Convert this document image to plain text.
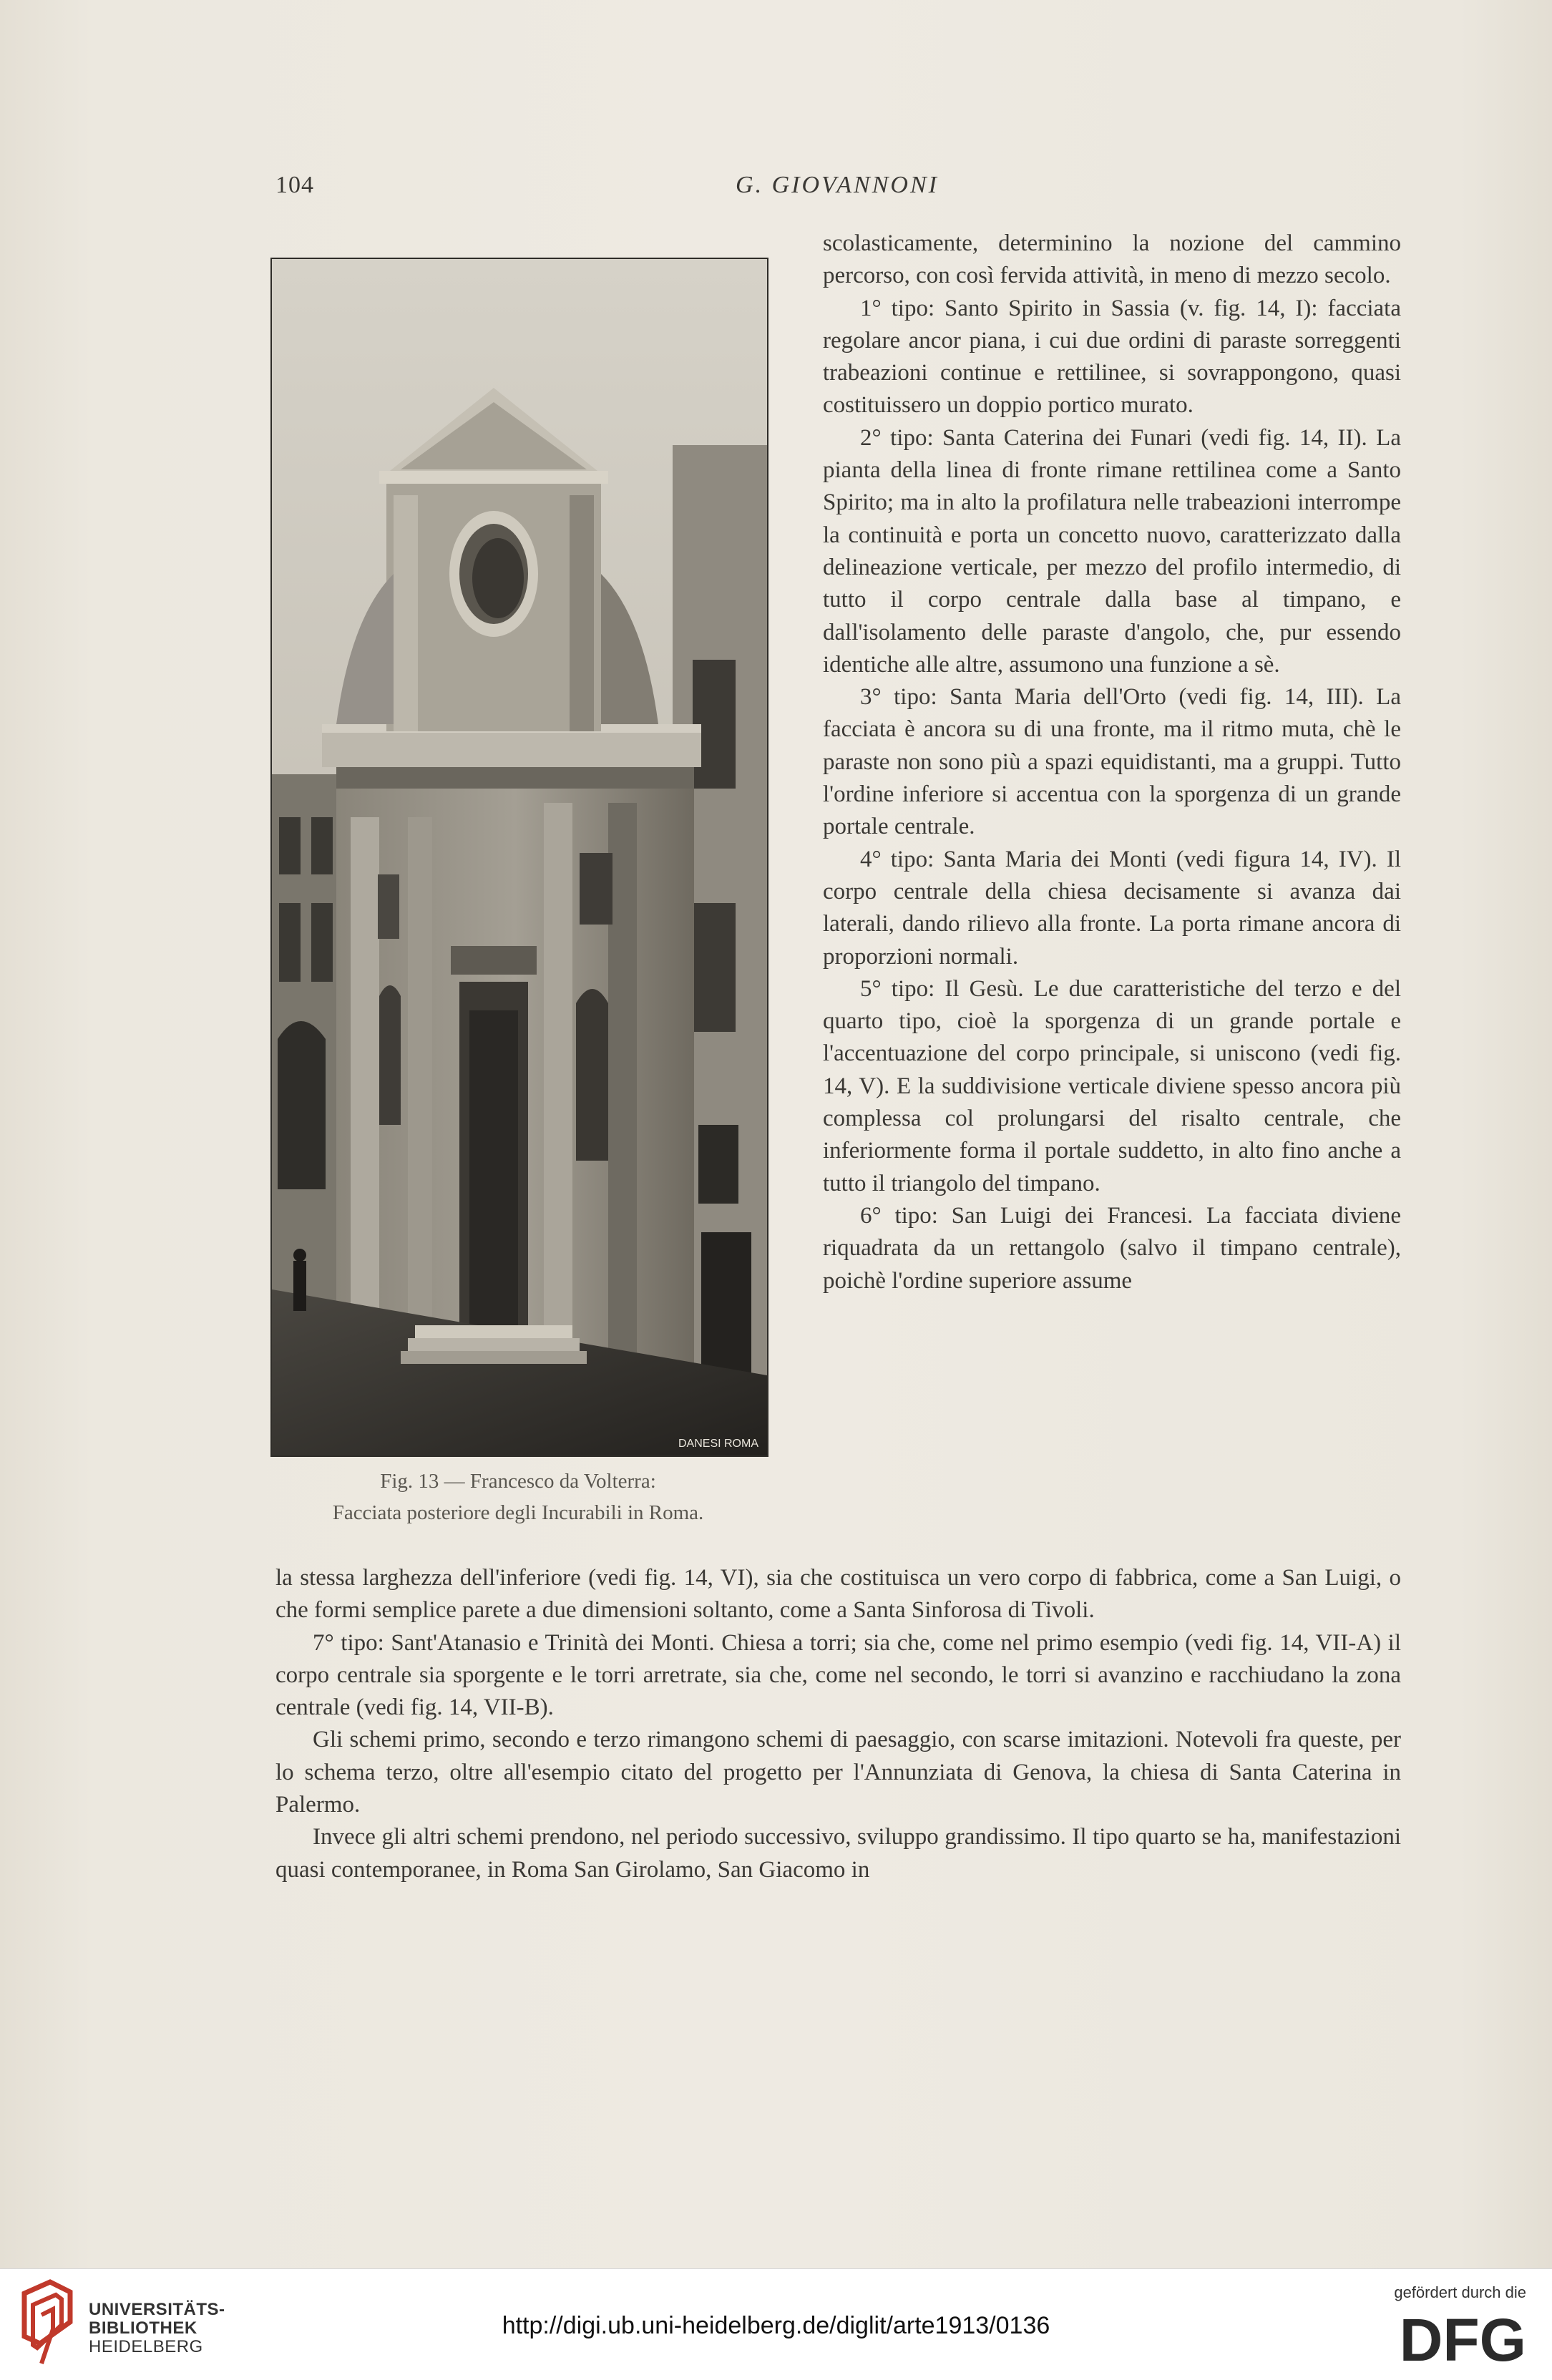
104	G. GIOVANNONI
DANESI ROMA
Fig. 13 — Francesco da Volterra:
Facciata posteriore degli Incurabili in Roma.

scolasticamente, determinino la nozione del cammino percorso, con così fervida attività, in meno di mezzo secolo.

1° tipo: Santo Spirito in Sassia (v. fig. 14, I): facciata regolare ancor piana, i cui due ordini di paraste sorreggenti trabeazioni continue e rettilinee, si sovrappongono, quasi costituissero un doppio portico murato.

2° tipo: Santa Caterina dei Funari (vedi fig. 14, II). La pianta della linea di fronte rimane rettilinea come a Santo Spirito; ma in alto la profilatura nelle trabeazioni interrompe la continuità e porta un concetto nuovo, caratterizzato dalla delineazione verticale, per mezzo del profilo intermedio, di tutto il corpo centrale dalla base al timpano, e dall'isolamento delle paraste d'angolo, che, pur essendo identiche alle altre, assumono una funzione a sè.

3° tipo: Santa Maria dell'Orto (vedi fig. 14, III). La facciata è ancora su di una fronte, ma il ritmo muta, chè le paraste non sono più a spazi equidistanti, ma a gruppi. Tutto l'ordine inferiore si accentua con la sporgenza di un grande portale centrale.

4° tipo: Santa Maria dei Monti (vedi figura 14, IV). Il corpo centrale della chiesa decisamente si avanza dai laterali, dando rilievo alla fronte. La porta rimane ancora di proporzioni normali.

5° tipo: Il Gesù. Le due caratteristiche del terzo e del quarto tipo, cioè la sporgenza di un grande portale e l'accentuazione del corpo principale, si uniscono (vedi fig. 14, V). E la suddivisione verticale diviene spesso ancora più complessa col prolungarsi del risalto centrale, che inferiormente forma il portale suddetto, in alto fino anche a tutto il triangolo del timpano.

6° tipo: San Luigi dei Francesi. La facciata diviene riquadrata da un rettangolo (salvo il timpano centrale), poichè l'ordine superiore assume

la stessa larghezza dell'inferiore (vedi fig. 14, VI), sia che costituisca un vero corpo di fabbrica, come a San Luigi, o che formi semplice parete a due dimensioni soltanto, come a Santa Sinforosa di Tivoli.

7° tipo: Sant'Atanasio e Trinità dei Monti. Chiesa a torri; sia che, come nel primo esempio (vedi fig. 14, VII-A) il corpo centrale sia sporgente e le torri arretrate, sia che, come nel secondo, le torri si avanzino e racchiudano la zona centrale (vedi fig. 14, VII-B).

Gli schemi primo, secondo e terzo rimangono schemi di paesaggio, con scarse imitazioni. Notevoli fra queste, per lo schema terzo, oltre all'esempio citato del progetto per l'Annunziata di Genova, la chiesa di Santa Caterina in Palermo.

Invece gli altri schemi prendono, nel periodo successivo, sviluppo grandissimo. Il tipo quarto se ha, manifestazioni quasi contemporanee, in Roma San Girolamo, San Giacomo in

UNIVERSITÄTS-
BIBLIOTHEK
HEIDELBERG
http://digi.ub.uni-heidelberg.de/diglit/arte1913/0136
gefördert durch die
DFG
